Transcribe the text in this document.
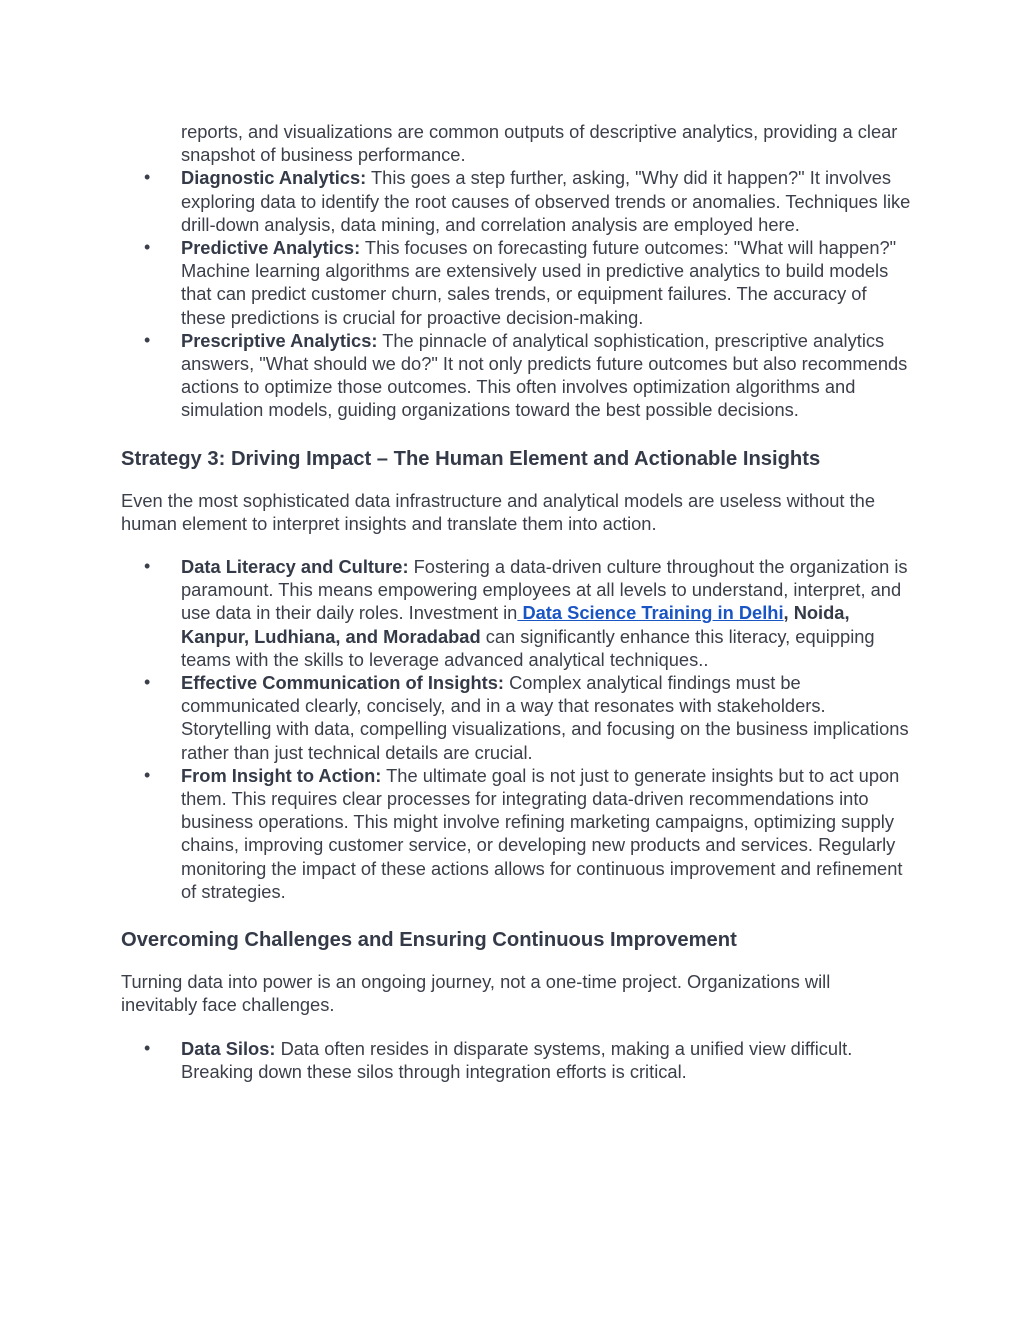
reports, and visualizations are common outputs of descriptive analytics, providing a clear snapshot of business performance.
• Diagnostic Analytics: This goes a step further, asking, "Why did it happen?" It involves exploring data to identify the root causes of observed trends or anomalies. Techniques like drill-down analysis, data mining, and correlation analysis are employed here.
• Predictive Analytics: This focuses on forecasting future outcomes: "What will happen?" Machine learning algorithms are extensively used in predictive analytics to build models that can predict customer churn, sales trends, or equipment failures. The accuracy of these predictions is crucial for proactive decision-making.
• Prescriptive Analytics: The pinnacle of analytical sophistication, prescriptive analytics answers, "What should we do?" It not only predicts future outcomes but also recommends actions to optimize those outcomes. This often involves optimization algorithms and simulation models, guiding organizations toward the best possible decisions.
Strategy 3: Driving Impact – The Human Element and Actionable Insights

Even the most sophisticated data infrastructure and analytical models are useless without the human element to interpret insights and translate them into action.

• Data Literacy and Culture: Fostering a data-driven culture throughout the organization is paramount. This means empowering employees at all levels to understand, interpret, and use data in their daily roles. Investment in Data Science Training in Delhi, Noida, Kanpur, Ludhiana, and Moradabad can significantly enhance this literacy, equipping teams with the skills to leverage advanced analytical techniques..
• Effective Communication of Insights: Complex analytical findings must be communicated clearly, concisely, and in a way that resonates with stakeholders. Storytelling with data, compelling visualizations, and focusing on the business implications rather than just technical details are crucial.
• From Insight to Action: The ultimate goal is not just to generate insights but to act upon them. This requires clear processes for integrating data-driven recommendations into business operations. This might involve refining marketing campaigns, optimizing supply chains, improving customer service, or developing new products and services. Regularly monitoring the impact of these actions allows for continuous improvement and refinement of strategies.
Overcoming Challenges and Ensuring Continuous Improvement

Turning data into power is an ongoing journey, not a one-time project. Organizations will inevitably face challenges.

• Data Silos: Data often resides in disparate systems, making a unified view difficult. Breaking down these silos through integration efforts is critical.
